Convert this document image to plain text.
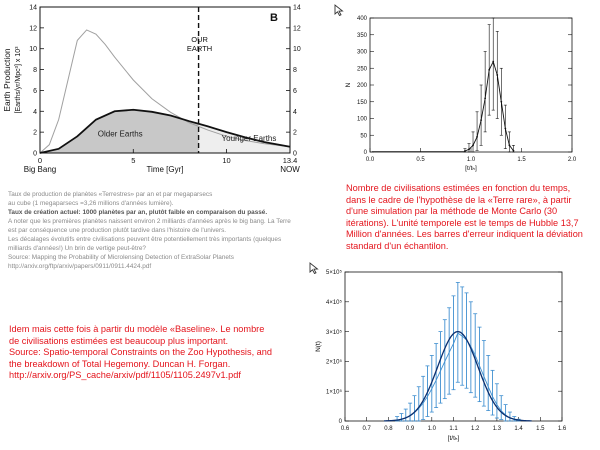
OUR
EARTH
Older Earths
Younger Earths
B
0	0
2	2
4	4
6	6
8	8
10	10
12	12
14	14
0	5	10	13.4
Big Bang	NOW
Time [Gyr]
Earth Production [Earths/yr/Mpc³] x 10³
0
50
100
150
200
250
300
350
400
0.0	0.5	1.0	1.5	2.0
[t/tₕ]
N
0
1×10⁵
2×10⁵
3×10⁵
4×10⁵
5×10⁵
0.6 0.7 0.8 0.9 1.0 1.1 1.2 1.3 1.4 1.5 1.6
[t/tₕ]
N(t)
Taux de production de planètes «Terrestres» par an et par megaparsecs
au cube (1 megaparsecs =3,26 millions d'années lumière).
Taux de création actuel: 1000 planètes par an, plutôt faible en comparaison du passé.
A noter que les premières planètes naissent environ 2 milliards d'années après le big bang. La Terre
est par conséquence une production plutôt tardive dans l'histoire de l'univers.
Les décalages évolutifs entre civilisations peuvent être potentiellement très importants (quelques
milliards d'années!) Un brin de vertige peut-être?
Source: Mapping the Probability of Microlensing Detection of ExtraSolar Planets
http://arxiv.org/ftp/arxiv/papers/0911/0911.4424.pdf
Nombre de civilisations estimées en fonction du temps, dans le cadre de l'hypothèse de la «Terre rare», à partir d'une simulation par la méthode de Monte Carlo (30 itérations). L'unité temporele est le temps de Hubble 13,7 Million d'années. Les barres d'erreur indiquent la déviation standard d'un échantilon.
Idem mais cette fois à partir du modèle «Baseline». Le nombre
de civilisations estimées est beaucoup plus important.
Source: Spatio-temporal Constraints on the Zoo Hypothesis, and
the breakdown of Total Hegemony. Duncan H. Forgan.
http://arxiv.org/PS_cache/arxiv/pdf/1105/1105.2497v1.pdf
